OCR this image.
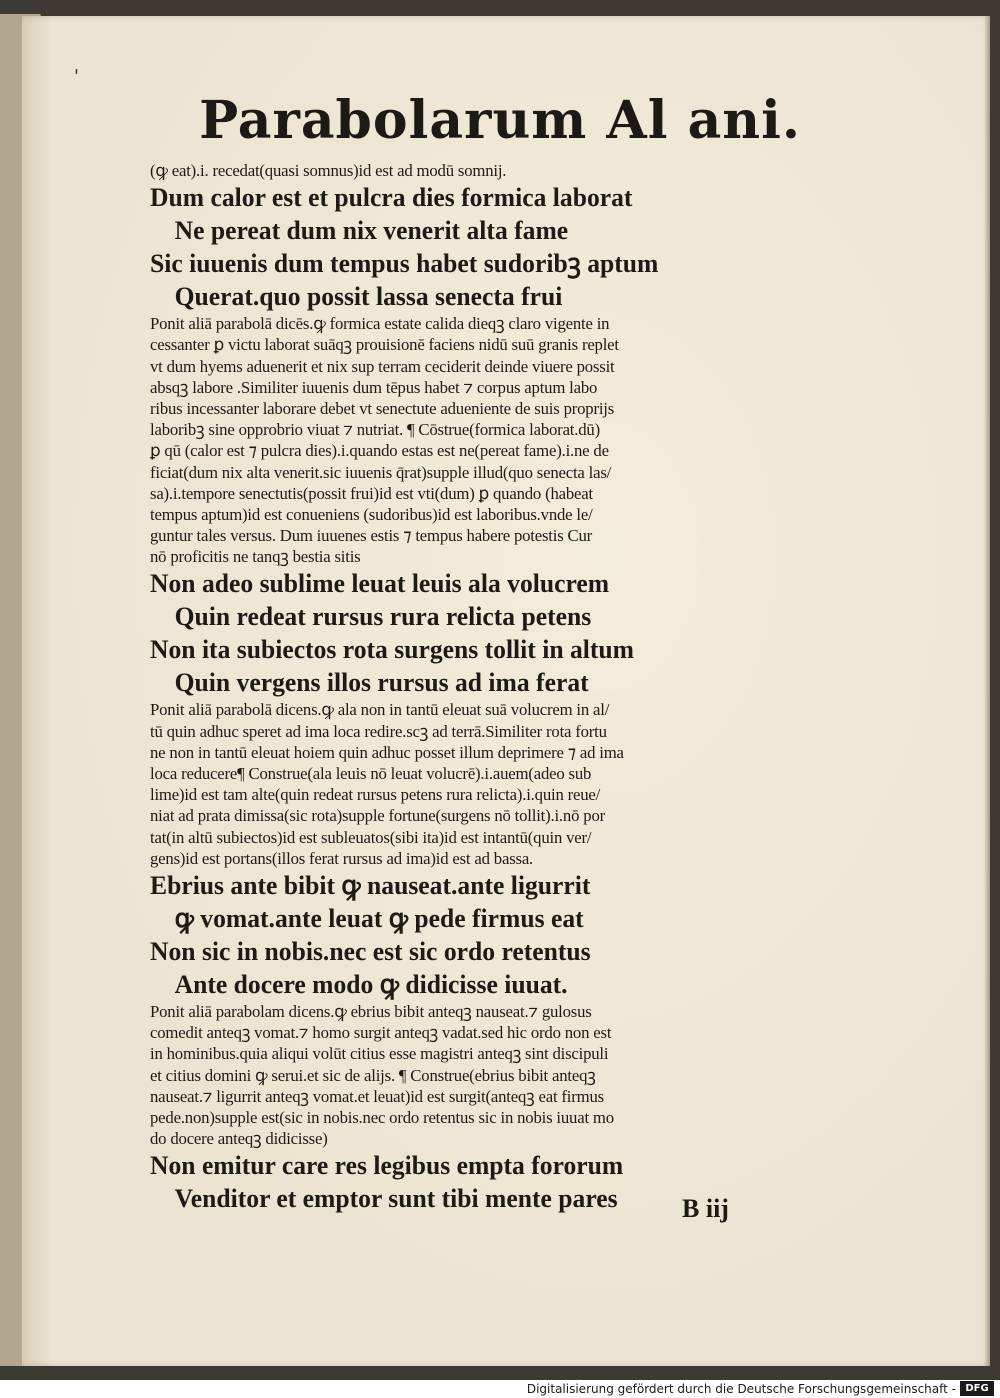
'
Parabolarum Al ani.
(ꝙ eat).i. recedat(quasi somnus)id est ad modū somnij.
Dum calor est et pulcra dies formica laborat
Ne pereat dum nix venerit alta fame
Sic iuuenis dum tempus habet sudoribꝫ aptum
Querat.quo possit lassa senecta frui
Ponit aliā parabolā dicēs.ꝙ formica estate calida dieqꝫ claro vigente in
cessanter ꝑ victu laborat suāqꝫ prouisionē faciens nidū suū granis replet
vt dum hyems aduenerit et nix sup terram ceciderit deinde viuere possit
absqꝫ labore .Similiter iuuenis dum tēpus habet ⁊ corpus aptum labo
ribus incessanter laborare debet vt senectute adueniente de suis proprijs
laboribꝫ sine opprobrio viuat ⁊ nutriat. ¶ Cōstrue(formica laborat.dū)
ꝑ qū (calor est ⁊ pulcra dies).i.quando estas est ne(pereat fame).i.ne de
ficiat(dum nix alta venerit.sic iuuenis q̄rat)supple illud(quo senecta las/
sa).i.tempore senectutis(possit frui)id est vti(dum) ꝑ quando (habeat
tempus aptum)id est conueniens (sudoribus)id est laboribus.vnde le/
guntur tales versus. Dum iuuenes estis ⁊ tempus habere potestis Cur
nō proficitis ne tanqꝫ bestia sitis
Non adeo sublime leuat leuis ala volucrem
Quin redeat rursus rura relicta petens
Non ita subiectos rota surgens tollit in altum
Quin vergens illos rursus ad ima ferat
Ponit aliā parabolā dicens.ꝙ ala non in tantū eleuat suā volucrem in al/
tū quin adhuc speret ad ima loca redire.scꝫ ad terrā.Similiter rota fortu
ne non in tantū eleuat hoiem quin adhuc posset illum deprimere ⁊ ad ima
loca reducere¶ Construe(ala leuis nō leuat volucrē).i.auem(adeo sub
lime)id est tam alte(quin redeat rursus petens rura relicta).i.quin reue/
niat ad prata dimissa(sic rota)supple fortune(surgens nō tollit).i.nō por
tat(in altū subiectos)id est subleuatos(sibi ita)id est intantū(quin ver/
gens)id est portans(illos ferat rursus ad ima)id est ad bassa.
Ebrius ante bibit ꝙ nauseat.ante ligurrit
ꝙ vomat.ante leuat ꝙ pede firmus eat
Non sic in nobis.nec est sic ordo retentus
Ante docere modo ꝙ didicisse iuuat.
Ponit aliā parabolam dicens.ꝙ ebrius bibit anteqꝫ nauseat.⁊ gulosus
comedit anteqꝫ vomat.⁊ homo surgit anteqꝫ vadat.sed hic ordo non est
in hominibus.quia aliqui volūt citius esse magistri anteqꝫ sint discipuli
et citius domini ꝙ serui.et sic de alijs. ¶ Construe(ebrius bibit anteqꝫ
nauseat.⁊ ligurrit anteqꝫ vomat.et leuat)id est surgit(anteqꝫ eat firmus
pede.non)supple est(sic in nobis.nec ordo retentus sic in nobis iuuat mo
do docere anteqꝫ didicisse)
Non emitur care res legibus empta fororum
Venditor et emptor sunt tibi mente pares	B iij
Digitalisierung gefördert durch die Deutsche Forschungsgemeinschaft - DFG
